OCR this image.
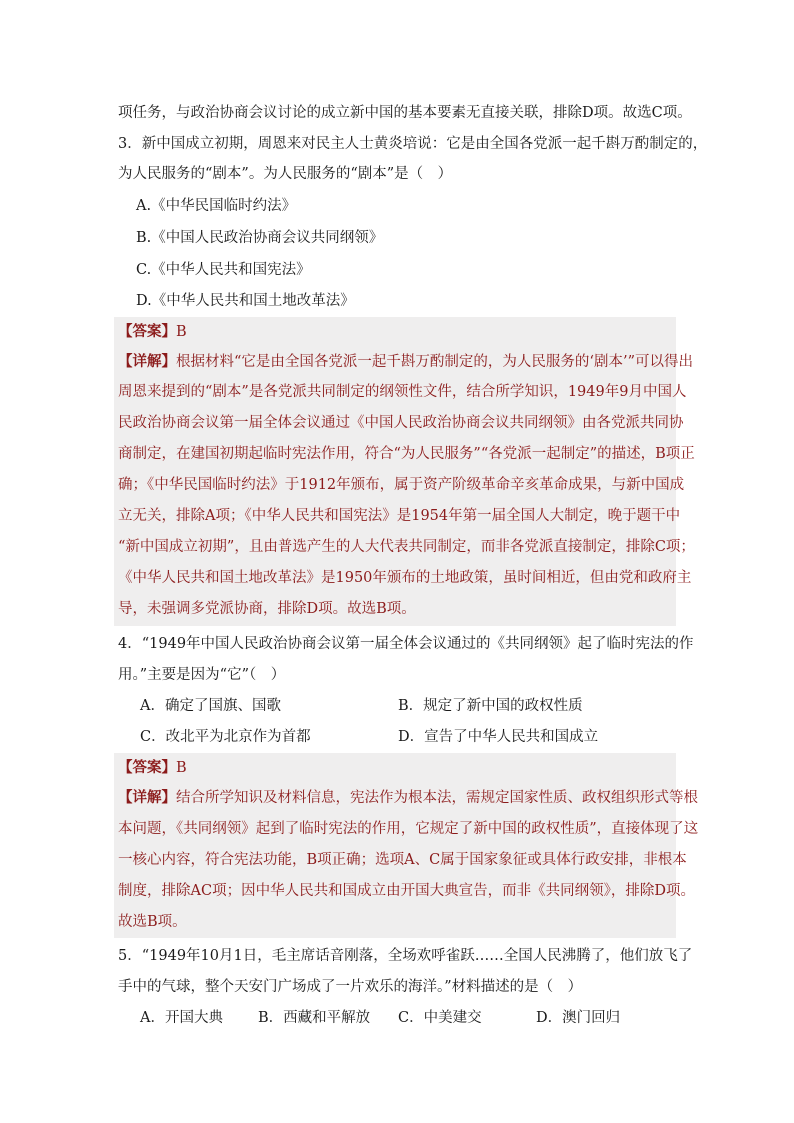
项任务，与政治协商会议讨论的成立新中国的基本要素无直接关联，排除D项。故选C项。
3．新中国成立初期，周恩来对民主人士黄炎培说：它是由全国各党派一起千斟万酌制定的，
为人民服务的“剧本”。为人民服务的“剧本”是（　）
A.《中华民国临时约法》
B.《中国人民政治协商会议共同纲领》
C.《中华人民共和国宪法》
D.《中华人民共和国土地改革法》
【答案】B
【详解】根据材料“它是由全国各党派一起千斟万酌制定的，为人民服务的‘剧本’”可以得出
周恩来提到的“剧本”是各党派共同制定的纲领性文件，结合所学知识，1949年9月中国人
民政治协商会议第一届全体会议通过《中国人民政治协商会议共同纲领》由各党派共同协
商制定，在建国初期起临时宪法作用，符合“为人民服务”“各党派一起制定”的描述，B项正
确；《中华民国临时约法》于1912年颁布，属于资产阶级革命辛亥革命成果，与新中国成
立无关，排除A项；《中华人民共和国宪法》是1954年第一届全国人大制定，晚于题干中
“新中国成立初期”，且由普选产生的人大代表共同制定，而非各党派直接制定，排除C项；
《中华人民共和国土地改革法》是1950年颁布的土地政策，虽时间相近，但由党和政府主
导，未强调多党派协商，排除D项。故选B项。
4．“1949年中国人民政治协商会议第一届全体会议通过的《共同纲领》起了临时宪法的作
用。”主要是因为“它”（　）
A．确定了国旗、国歌	B．规定了新中国的政权性质
C．改北平为北京作为首都	D．宣告了中华人民共和国成立
【答案】B
【详解】结合所学知识及材料信息，宪法作为根本法，需规定国家性质、政权组织形式等根
本问题，《共同纲领》起到了临时宪法的作用，它规定了新中国的政权性质”，直接体现了这
一核心内容，符合宪法功能，B项正确；选项A、C属于国家象征或具体行政安排，非根本
制度，排除AC项；因中华人民共和国成立由开国大典宣告，而非《共同纲领》，排除D项。
故选B项。
5．“1949年10月1日，毛主席话音刚落，全场欢呼雀跃……全国人民沸腾了，他们放飞了
手中的气球，整个天安门广场成了一片欢乐的海洋。”材料描述的是（　）
A．开国大典 B．西藏和平解放 C．中美建交	D．澳门回归
